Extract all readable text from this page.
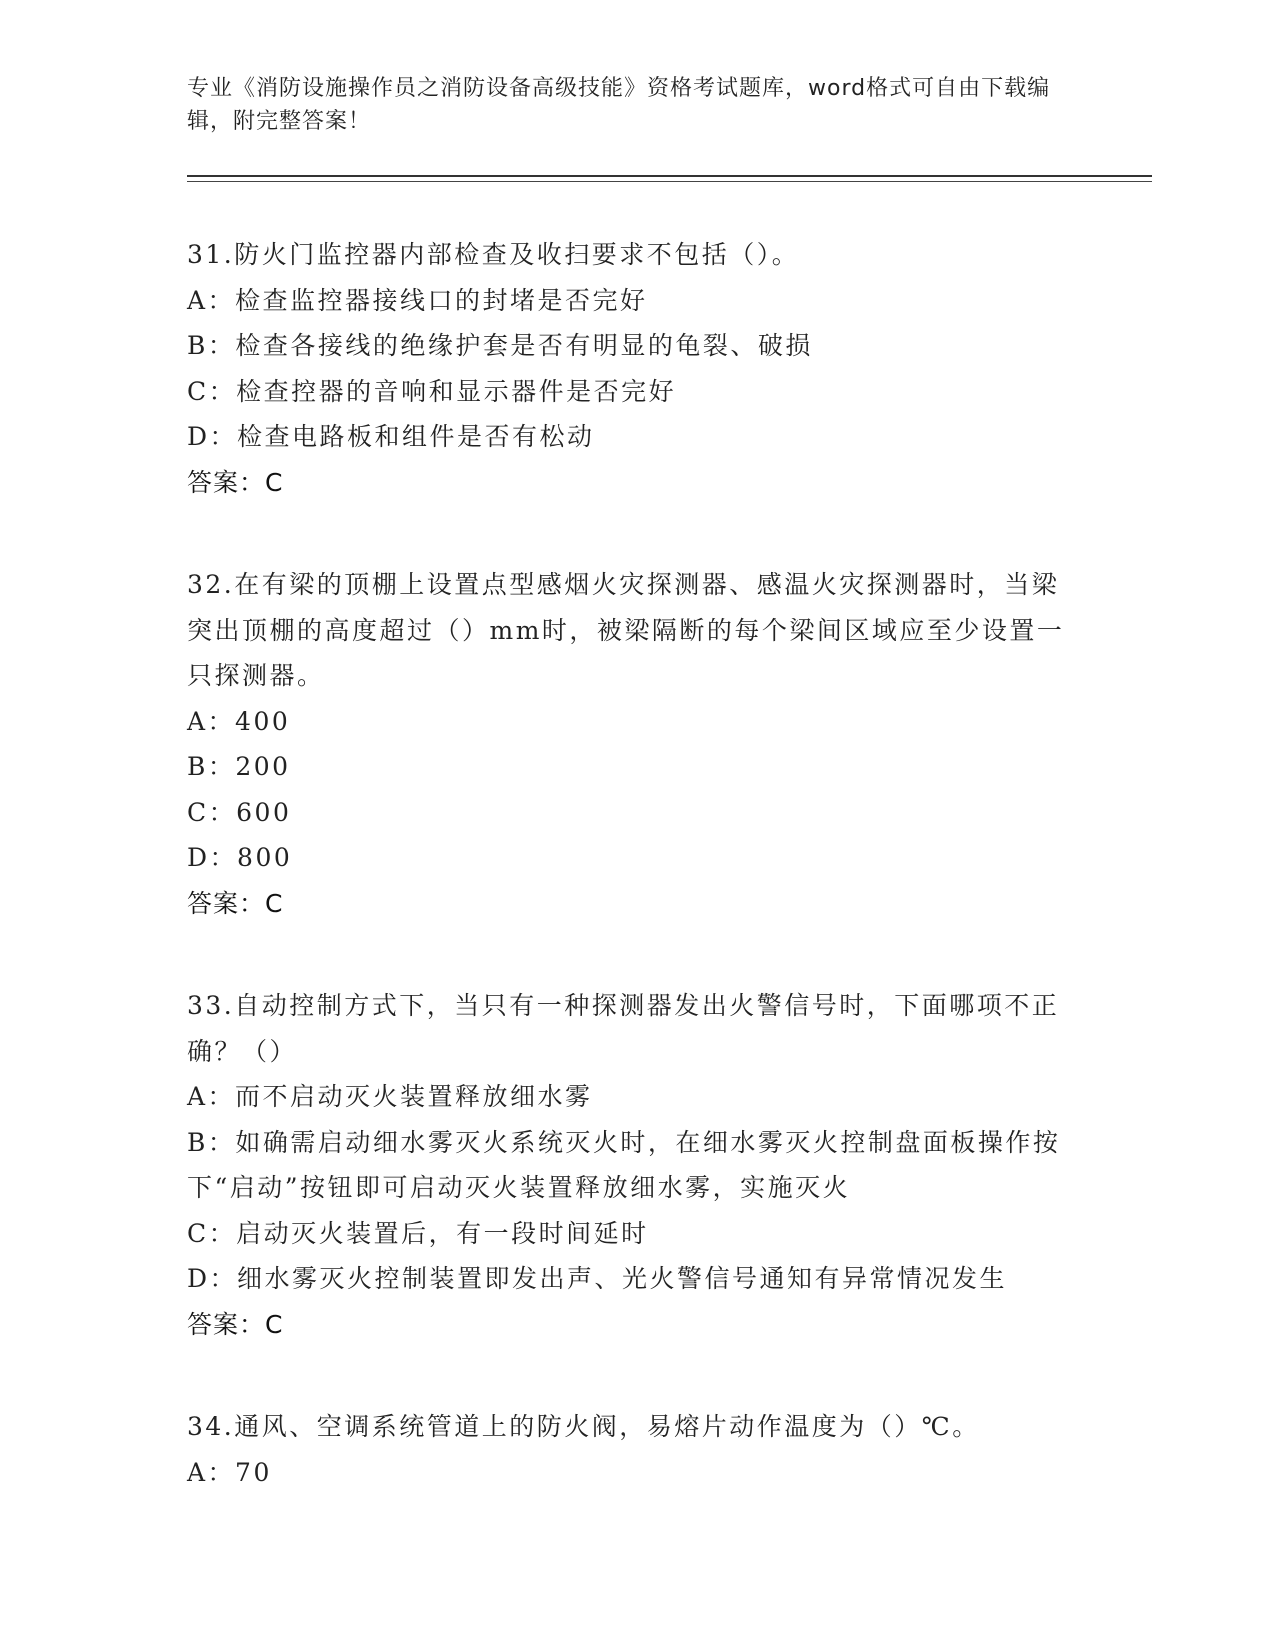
专业《消防设施操作员之消防设备高级技能》资格考试题库，word格式可自由下载编辑，附完整答案！
31.防火门监控器内部检查及收扫要求不包括（）。
A：检查监控器接线口的封堵是否完好
B：检查各接线的绝缘护套是否有明显的龟裂、破损
C：检查控器的音响和显示器件是否完好
D：检查电路板和组件是否有松动
答案：C
32.在有梁的顶棚上设置点型感烟火灾探测器、感温火灾探测器时，当梁突出顶棚的高度超过（）mm时，被梁隔断的每个梁间区域应至少设置一只探测器。
A：400
B：200
C：600
D：800
答案：C
33.自动控制方式下，当只有一种探测器发出火警信号时，下面哪项不正确？（）
A：而不启动灭火装置释放细水雾
B：如确需启动细水雾灭火系统灭火时，在细水雾灭火控制盘面板操作按下“启动”按钮即可启动灭火装置释放细水雾，实施灭火
C：启动灭火装置后，有一段时间延时
D：细水雾灭火控制装置即发出声、光火警信号通知有异常情况发生
答案：C
34.通风、空调系统管道上的防火阀，易熔片动作温度为（）℃。
A：70
